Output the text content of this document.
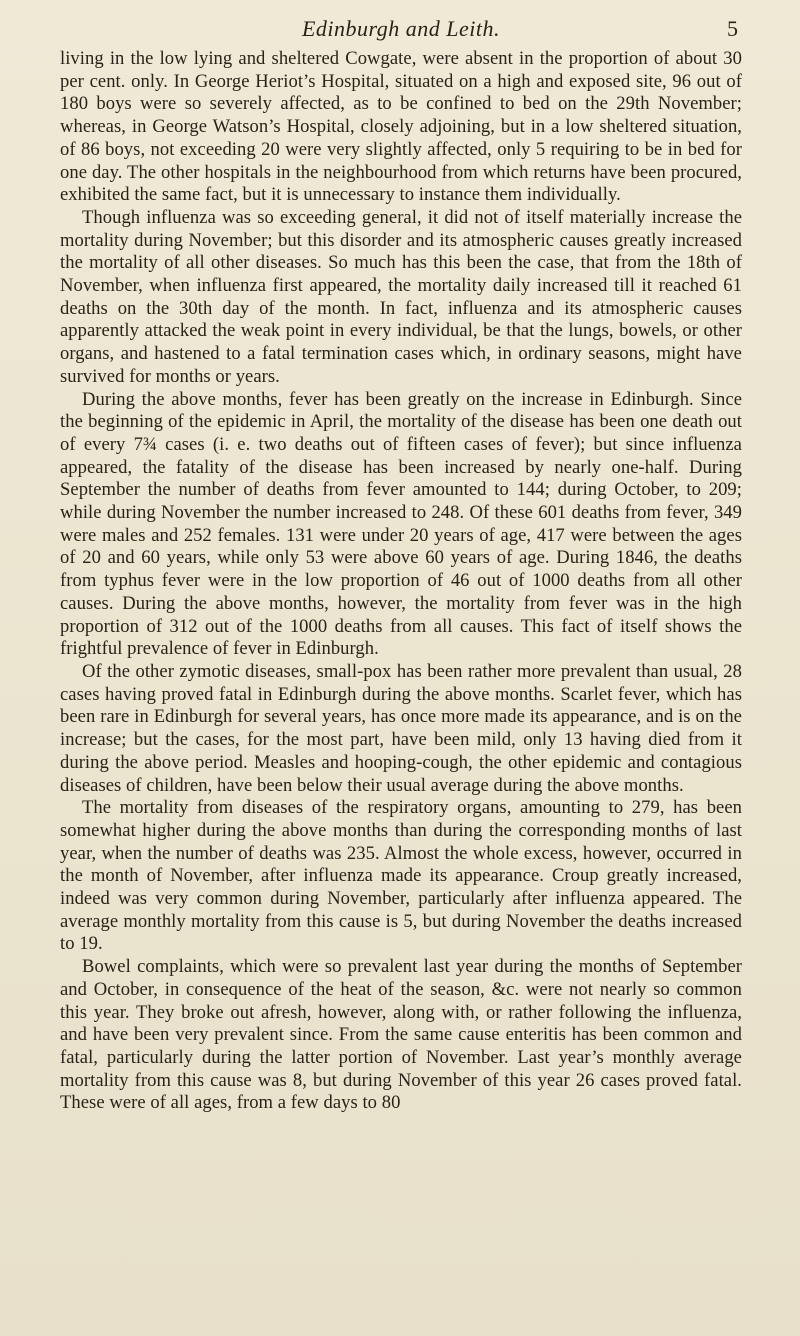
Edinburgh and Leith.	5

living in the low lying and sheltered Cowgate, were absent in the proportion of about 30 per cent. only. In George Heriot’s Hospital, situated on a high and exposed site, 96 out of 180 boys were so severely affected, as to be confined to bed on the 29th November; whereas, in George Watson’s Hospital, closely adjoining, but in a low sheltered situation, of 86 boys, not exceeding 20 were very slightly affected, only 5 requiring to be in bed for one day. The other hospitals in the neighbourhood from which returns have been procured, exhibited the same fact, but it is unnecessary to instance them individually.

Though influenza was so exceeding general, it did not of itself materially increase the mortality during November; but this disorder and its atmospheric causes greatly increased the mortality of all other diseases. So much has this been the case, that from the 18th of November, when influenza first appeared, the mortality daily increased till it reached 61 deaths on the 30th day of the month. In fact, influenza and its atmospheric causes apparently attacked the weak point in every individual, be that the lungs, bowels, or other organs, and hastened to a fatal termination cases which, in ordinary seasons, might have survived for months or years.

During the above months, fever has been greatly on the increase in Edinburgh. Since the beginning of the epidemic in April, the mortality of the disease has been one death out of every 7¾ cases (i. e. two deaths out of fifteen cases of fever); but since influenza appeared, the fatality of the disease has been increased by nearly one-half. During September the number of deaths from fever amounted to 144; during October, to 209; while during November the number increased to 248. Of these 601 deaths from fever, 349 were males and 252 females. 131 were under 20 years of age, 417 were between the ages of 20 and 60 years, while only 53 were above 60 years of age. During 1846, the deaths from typhus fever were in the low proportion of 46 out of 1000 deaths from all other causes. During the above months, however, the mortality from fever was in the high proportion of 312 out of the 1000 deaths from all causes. This fact of itself shows the frightful prevalence of fever in Edinburgh.

Of the other zymotic diseases, small-pox has been rather more prevalent than usual, 28 cases having proved fatal in Edinburgh during the above months. Scarlet fever, which has been rare in Edinburgh for several years, has once more made its appearance, and is on the increase; but the cases, for the most part, have been mild, only 13 having died from it during the above period. Measles and hooping-cough, the other epidemic and contagious diseases of children, have been below their usual average during the above months.

The mortality from diseases of the respiratory organs, amounting to 279, has been somewhat higher during the above months than during the corresponding months of last year, when the number of deaths was 235. Almost the whole excess, however, occurred in the month of November, after influenza made its appearance. Croup greatly increased, indeed was very common during November, particularly after influenza appeared. The average monthly mortality from this cause is 5, but during November the deaths increased to 19.

Bowel complaints, which were so prevalent last year during the months of September and October, in consequence of the heat of the season, &c. were not nearly so common this year. They broke out afresh, however, along with, or rather following the influenza, and have been very prevalent since. From the same cause enteritis has been common and fatal, particularly during the latter portion of November. Last year’s monthly average mortality from this cause was 8, but during November of this year 26 cases proved fatal. These were of all ages, from a few days to 80
